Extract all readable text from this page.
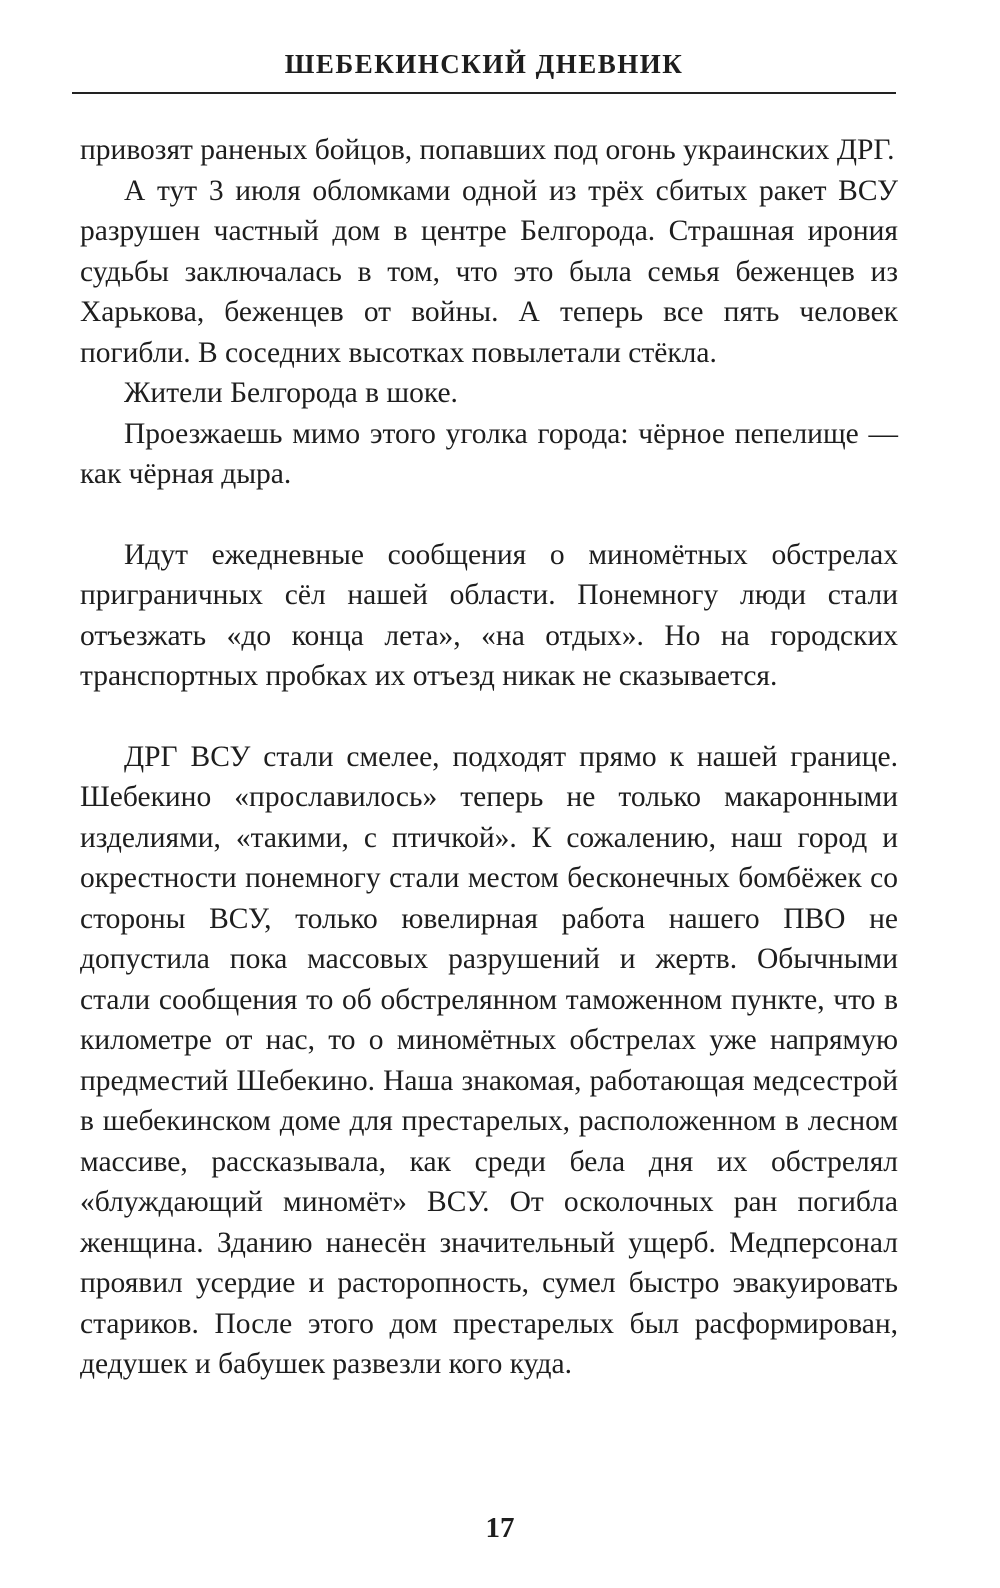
ШЕБЕКИНСКИЙ ДНЕВНИК

привозят раненых бойцов, попавших под огонь украинских ДРГ.

А тут 3 июля обломками одной из трёх сбитых ракет ВСУ разрушен частный дом в центре Белгорода. Страшная ирония судьбы заключалась в том, что это была семья беженцев из Харькова, беженцев от войны. А теперь все пять человек погибли. В соседних высотках повылетали стёкла.

Жители Белгорода в шоке.

Проезжаешь мимо этого уголка города: чёрное пепелище — как чёрная дыра.

Идут ежедневные сообщения о миномётных обстрелах приграничных сёл нашей области. Понемногу люди стали отъезжать «до конца лета», «на отдых». Но на городских транспортных пробках их отъезд никак не сказывается.

ДРГ ВСУ стали смелее, подходят прямо к нашей границе. Шебекино «прославилось» теперь не только макаронными изделиями, «такими, с птичкой». К сожалению, наш город и окрестности понемногу стали местом бесконечных бомбёжек со стороны ВСУ, только ювелирная работа нашего ПВО не допустила пока массовых разрушений и жертв. Обычными стали сообщения то об обстрелянном таможенном пункте, что в километре от нас, то о миномётных обстрелах уже напрямую предместий Шебекино. Наша знакомая, работающая медсестрой в шебекинском доме для престарелых, расположенном в лесном массиве, рассказывала, как среди бела дня их обстрелял «блуждающий миномёт» ВСУ. От осколочных ран погибла женщина. Зданию нанесён значительный ущерб. Медперсонал проявил усердие и расторопность, сумел быстро эвакуировать стариков. После этого дом престарелых был расформирован, дедушек и бабушек развезли кого куда.

17
